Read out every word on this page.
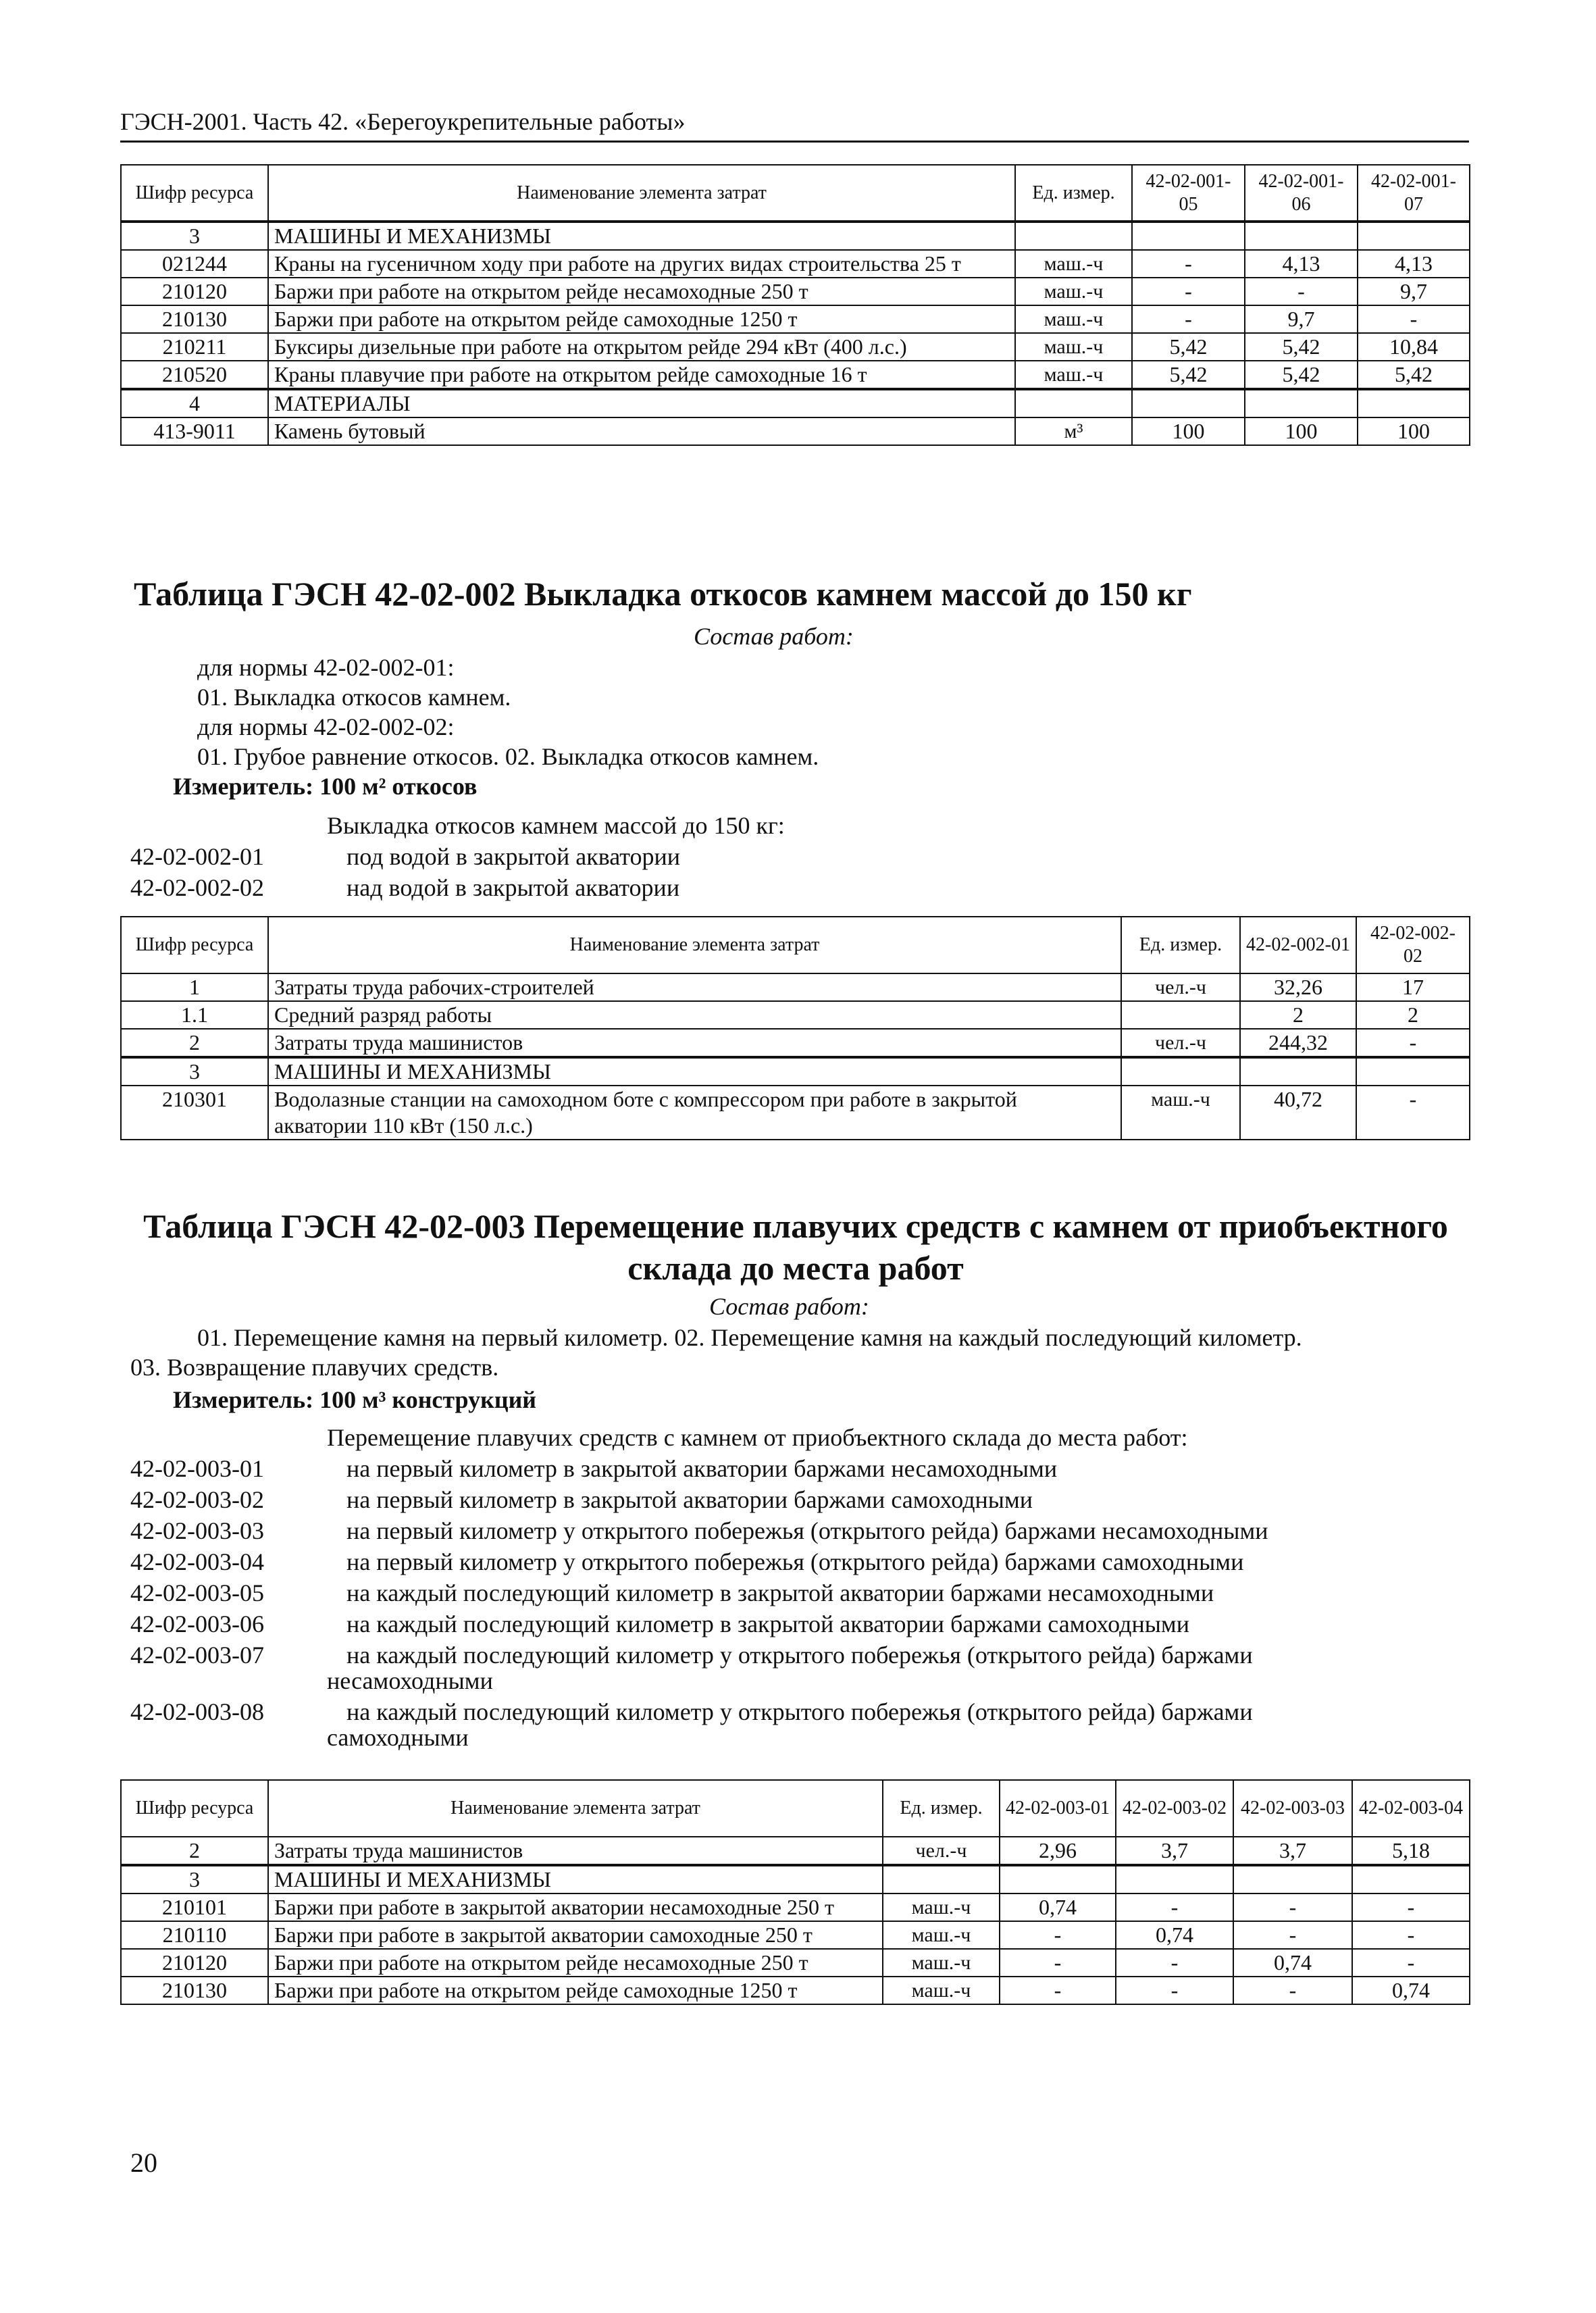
ГЭСН-2001. Часть 42. «Берегоукрепительные работы»
Шифр ресурса	Наименование элемента затрат	Ед. измер.	42-02-001-05	42-02-001-06	42-02-001-07
3	МАШИНЫ И МЕХАНИЗМЫ				
021244	Краны на гусеничном ходу при работе на других видах строительства 25 т	маш.-ч	-	4,13	4,13
210120	Баржи при работе на открытом рейде несамоходные 250 т	маш.-ч	-	-	9,7
210130	Баржи при работе на открытом рейде самоходные 1250 т	маш.-ч	-	9,7	-
210211	Буксиры дизельные при работе на открытом рейде 294 кВт (400 л.с.)	маш.-ч	5,42	5,42	10,84
210520	Краны плавучие при работе на открытом рейде самоходные 16 т	маш.-ч	5,42	5,42	5,42
4	МАТЕРИАЛЫ				
413-9011	Камень бутовый	м³	100	100	100
Таблица ГЭСН 42-02-002 Выкладка откосов камнем массой до 150 кг
Состав работ:
для нормы 42-02-002-01:
01. Выкладка откосов камнем.
для нормы 42-02-002-02:
01. Грубое равнение откосов. 02. Выкладка откосов камнем.
Измеритель: 100 м² откосов
Выкладка откосов камнем массой до 150 кг:
42-02-002-01	под водой в закрытой акватории
42-02-002-02	над водой в закрытой акватории
Шифр ресурса	Наименование элемента затрат	Ед. измер.	42-02-002-01	42-02-002-02
1	Затраты труда рабочих-строителей	чел.-ч	32,26	17
1.1	Средний разряд работы		2	2
2	Затраты труда машинистов	чел.-ч	244,32	-
3	МАШИНЫ И МЕХАНИЗМЫ			
210301	Водолазные станции на самоходном боте с компрессором при работе в закрытой акватории 110 кВт (150 л.с.)	маш.-ч	40,72	-
Таблица ГЭСН 42-02-003 Перемещение плавучих средств с камнем от приобъектного
склада до места работ
Состав работ:
01. Перемещение камня на первый километр. 02. Перемещение камня на каждый последующий километр.
03. Возвращение плавучих средств.
Измеритель: 100 м³ конструкций
Перемещение плавучих средств с камнем от приобъектного склада до места работ:
42-02-003-01	на первый километр в закрытой акватории баржами несамоходными
42-02-003-02	на первый километр в закрытой акватории баржами самоходными
42-02-003-03	на первый километр у открытого побережья (открытого рейда) баржами несамоходными
42-02-003-04	на первый километр у открытого побережья (открытого рейда) баржами самоходными
42-02-003-05	на каждый последующий километр в закрытой акватории баржами несамоходными
42-02-003-06	на каждый последующий километр в закрытой акватории баржами самоходными
42-02-003-07	на каждый последующий километр у открытого побережья (открытого рейда) баржами
несамоходными
42-02-003-08	на каждый последующий километр у открытого побережья (открытого рейда) баржами
самоходными
Шифр ресурса	Наименование элемента затрат	Ед. измер.	42-02-003-01	42-02-003-02	42-02-003-03	42-02-003-04
2	Затраты труда машинистов	чел.-ч	2,96	3,7	3,7	5,18
3	МАШИНЫ И МЕХАНИЗМЫ					
210101	Баржи при работе в закрытой акватории несамоходные 250 т	маш.-ч	0,74	-	-	-
210110	Баржи при работе в закрытой акватории самоходные 250 т	маш.-ч	-	0,74	-	-
210120	Баржи при работе на открытом рейде несамоходные 250 т	маш.-ч	-	-	0,74	-
210130	Баржи при работе на открытом рейде самоходные 1250 т	маш.-ч	-	-	-	0,74
20
